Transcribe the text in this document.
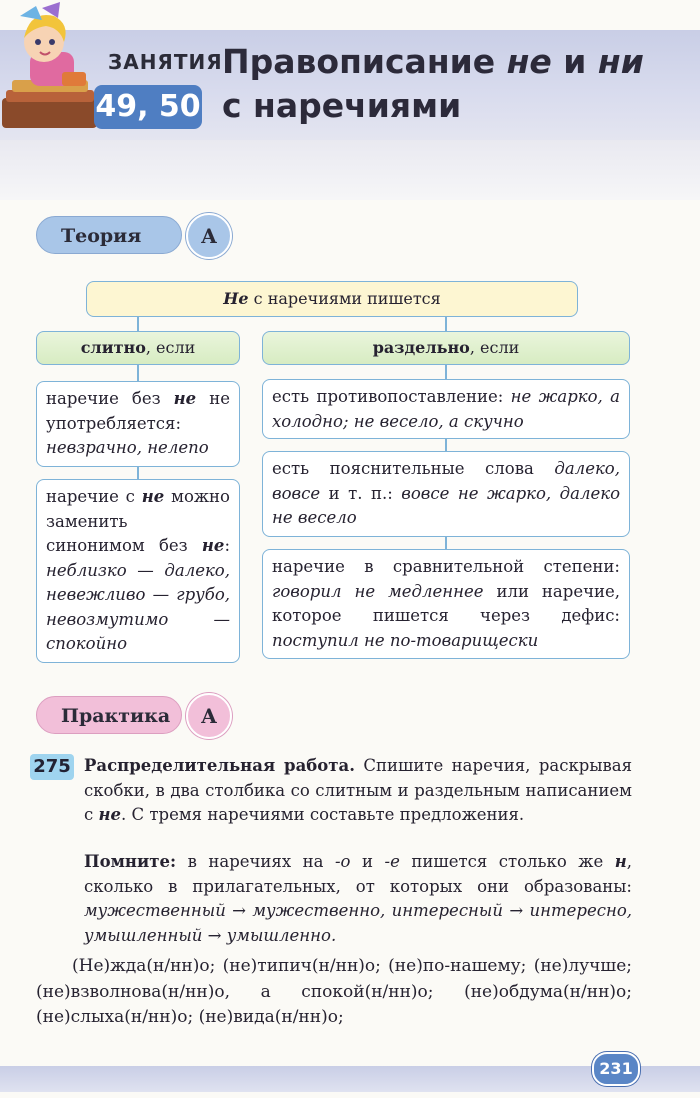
ЗАНЯТИЯ
49, 50
Правописание не и ни
с наречиями
Теория	А
Не с наречиями пишется
слитно, если	раздельно, если
наречие без не не употребляется: невзрачно, нелепо
наречие с не можно заменить синонимом без не: неблизко — далеко, невежливо — грубо, невозмутимо — спокойно
есть противопоставление: не жарко, а холодно; не весело, а скучно
есть пояснительные слова далеко, вовсе и т. п.: вовсе не жарко, далеко не весело
наречие в сравнительной степени: говорил не медленнее или наречие, которое пишется через дефис: поступил не по-товарищески
Практика	А
275 Распределительная работа. Спишите наречия, раскрывая скобки, в два столбика со слитным и раздельным написанием с не. С тремя наречиями составьте предложения.
Помните: в наречиях на -о и -е пишется столько же н, сколько в прилагательных, от которых они образованы: мужественный → мужественно, интересный → интересно, умышленный → умышленно.
(Не)жда(н/нн)о; (не)типич(н/нн)о; (не)по-нашему; (не)лучше; (не)взволнова(н/нн)о, а спокой(н/нн)о; (не)обдума(н/нн)о; (не)слыха(н/нн)о; (не)вида(н/нн)о;
231
